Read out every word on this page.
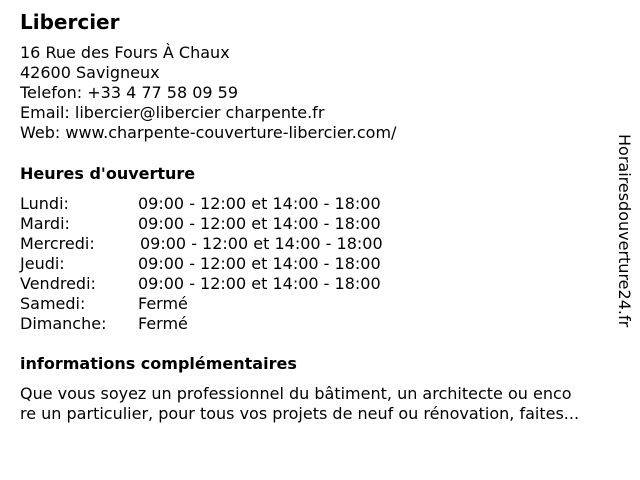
Libercier
16 Rue des Fours À Chaux
42600 Savigneux
Telefon: +33 4 77 58 09 59
Email: libercier@libercier charpente.fr
Web: www.charpente-couverture-libercier.com/
Heures d'ouverture
Lundi:	09:00 - 12:00 et 14:00 - 18:00
Mardi:	09:00 - 12:00 et 14:00 - 18:00
Mercredi:	09:00 - 12:00 et 14:00 - 18:00
Jeudi:	09:00 - 12:00 et 14:00 - 18:00
Vendredi:	09:00 - 12:00 et 14:00 - 18:00
Samedi:	Fermé
Dimanche:	Fermé
informations complémentaires
Que vous soyez un professionnel du bâtiment, un architecte ou enco
re un particulier, pour tous vos projets de neuf ou rénovation, faites...
Horairesdouverture24.fr
